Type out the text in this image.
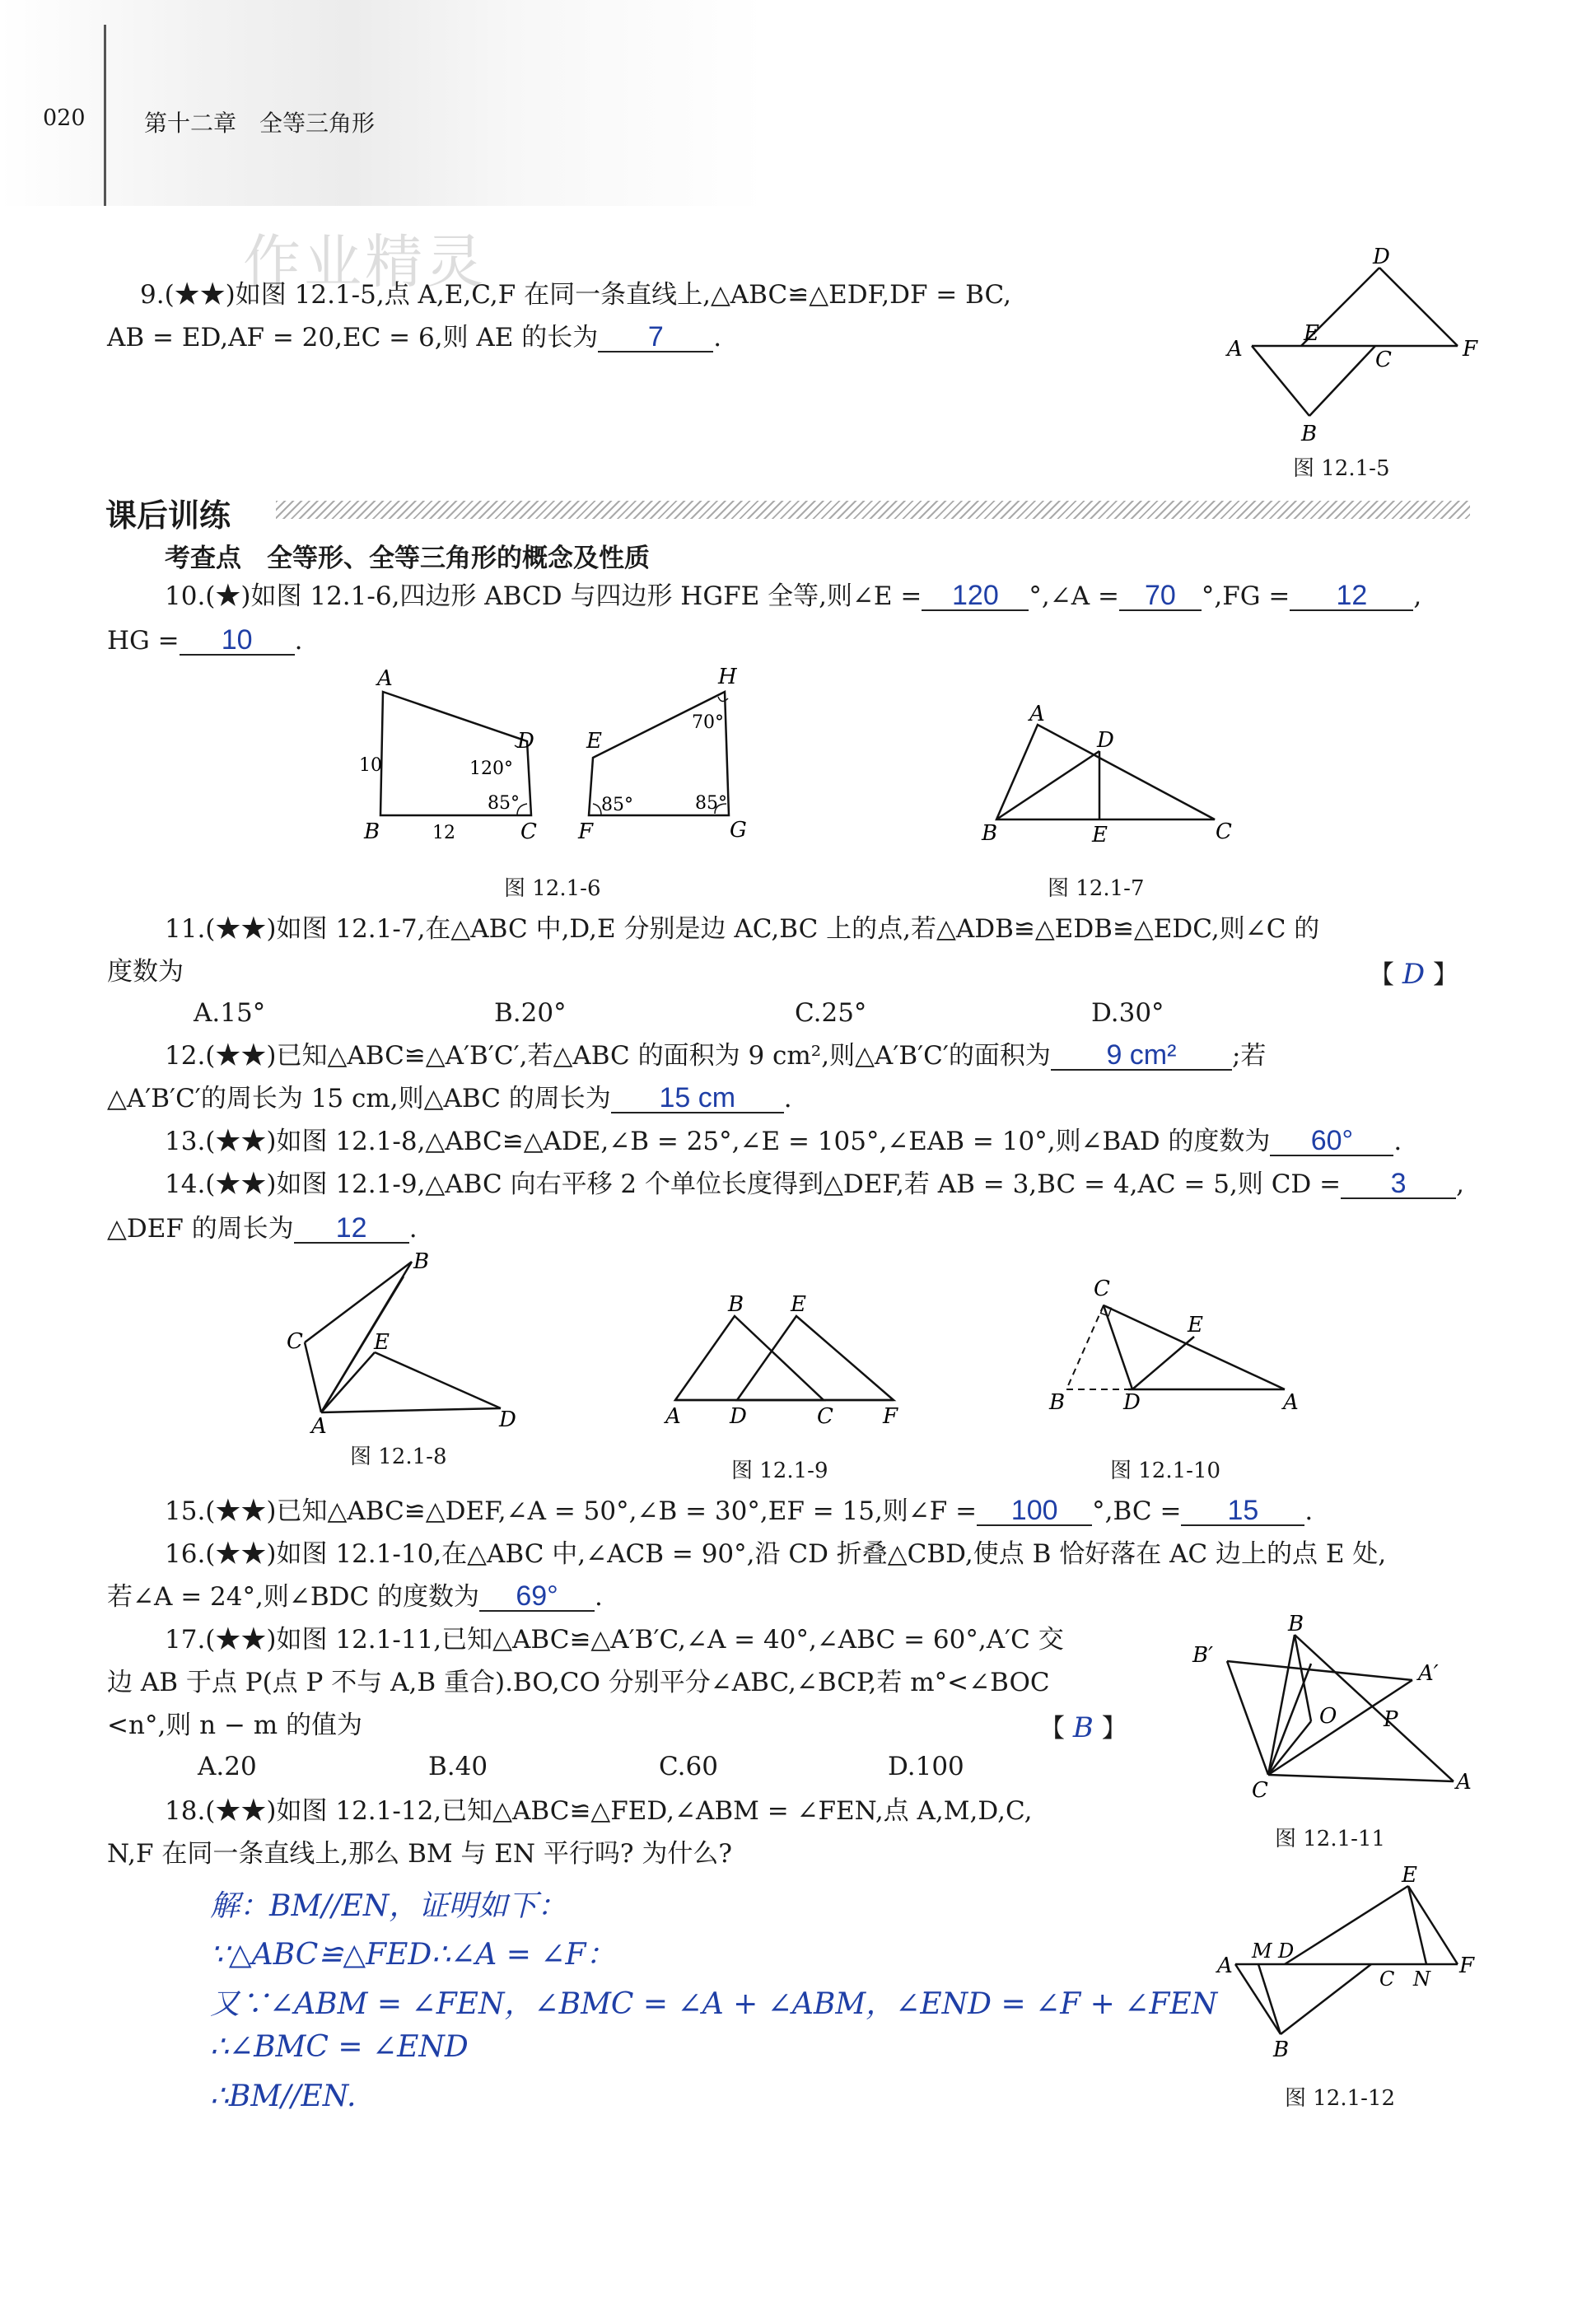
020	第十二章　全等三角形
作业精灵
9.(★★)如图 12.1-5,点 A,E,C,F 在同一条直线上,△ABC≌△EDF,DF = BC,
AB = ED,AF = 20,EC = 6,则 AE 的长为 7 .
D
E
A	C	F
B
图 12.1-5
课后训练
考查点　全等形、全等三角形的概念及性质
10.(★)如图 12.1-6,四边形 ABCD 与四边形 HGFE 全等,则∠E = 120 °,∠A = 70 °,FG = 12 ,
HG = 10 .
A
D
B	C
E
H
F	G
10
12
120°
85°
70°
85°	85°
图 12.1-6
A
D
B	E	C
图 12.1-7
11.(★★)如图 12.1-7,在△ABC 中,D,E 分别是边 AC,BC 上的点,若△ADB≌△EDB≌△EDC,则∠C 的
度数为	【 D 】
A.15°	B.20°	C.25°	D.30°
12.(★★)已知△ABC≌△A′B′C′,若△ABC 的面积为 9 cm²,则△A′B′C′的面积为 9 cm² ;若
△A′B′C′的周长为 15 cm,则△ABC 的周长为 15 cm .
13.(★★)如图 12.1-8,△ABC≌△ADE,∠B = 25°,∠E = 105°,∠EAB = 10°,则∠BAD 的度数为 60° .
14.(★★)如图 12.1-9,△ABC 向右平移 2 个单位长度得到△DEF,若 AB = 3,BC = 4,AC = 5,则 CD = 3 ,
△DEF 的周长为 12 .
B
C	E
A	D
图 12.1-8
B E
A D	C F
图 12.1-9
C
E
B	D	A
图 12.1-10
15.(★★)已知△ABC≌△DEF,∠A = 50°,∠B = 30°,EF = 15,则∠F = 100 °,BC = 15 .
16.(★★)如图 12.1-10,在△ABC 中,∠ACB = 90°,沿 CD 折叠△CBD,使点 B 恰好落在 AC 边上的点 E 处,
若∠A = 24°,则∠BDC 的度数为 69° .
17.(★★)如图 12.1-11,已知△ABC≌△A′B′C,∠A = 40°,∠ABC = 60°,A′C 交
边 AB 于点 P(点 P 不与 A,B 重合).BO,CO 分别平分∠ABC,∠BCP,若 m°<∠BOC
<n°,则 n − m 的值为	【 B 】
A.20	B.40	C.60	D.100
B′
B
A′
O P
C	A
图 12.1-11
18.(★★)如图 12.1-12,已知△ABC≌△FED,∠ABM = ∠FEN,点 A,M,D,C,
N,F 在同一条直线上,那么 BM 与 EN 平行吗? 为什么?
解：BM//EN，证明如下：
∵△ABC≌△FED∴∠A = ∠F：
又∵∠ABM = ∠FEN，∠BMC = ∠A + ∠ABM，∠END = ∠F + ∠FEN
∴∠BMC = ∠END
∴BM//EN.
E
A
M D
C N
F
B
图 12.1-12
